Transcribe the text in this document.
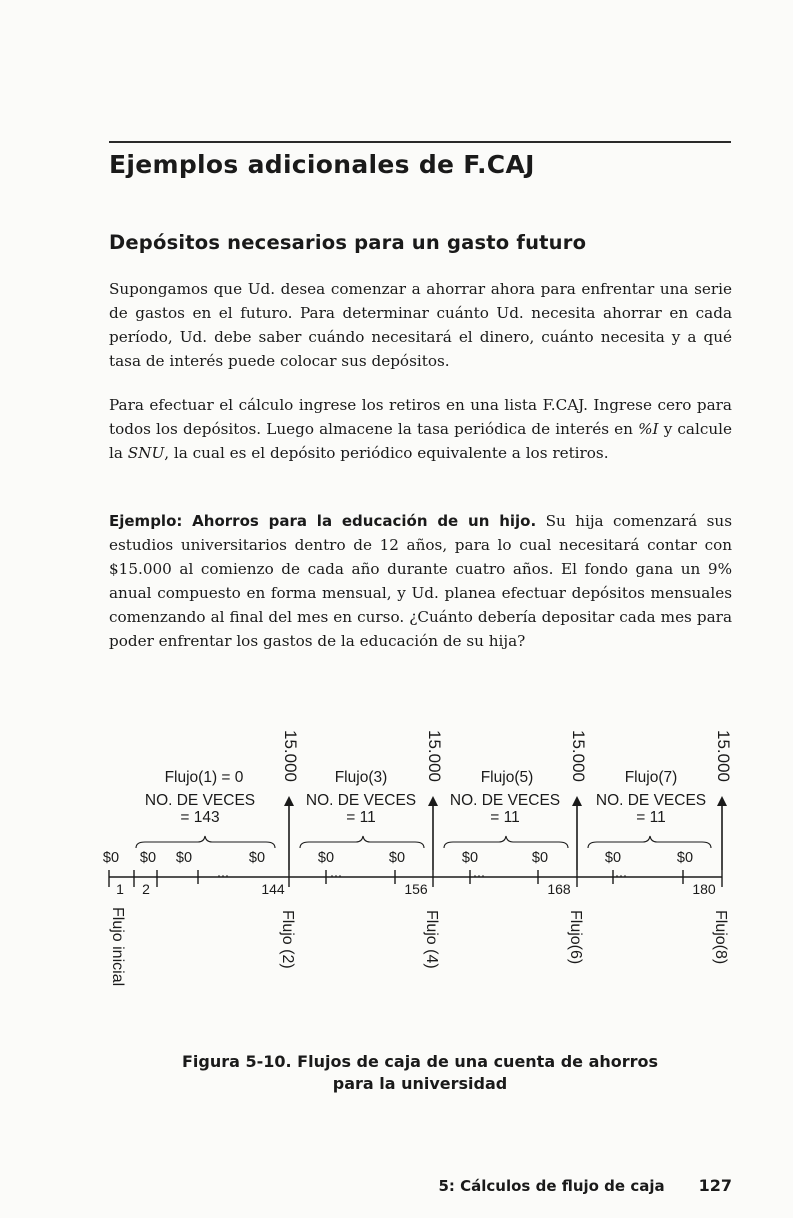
Ejemplos adicionales de F.CAJ
Depósitos necesarios para un gasto futuro

Supongamos que Ud. desea comenzar a ahorrar ahora para enfrentar una serie de gastos en el futuro. Para determinar cuánto Ud. necesita ahorrar en cada período, Ud. debe saber cuándo necesitará el dinero, cuánto necesita y a qué tasa de interés puede colocar sus depósitos.

Para efectuar el cálculo ingrese los retiros en una lista F.CAJ. Ingrese cero para todos los depósitos. Luego almacene la tasa periódica de interés en %I y calcule la SNU, la cual es el depósito periódico equivalente a los retiros.

Ejemplo: Ahorros para la educación de un hijo. Su hija comenzará sus estudios universitarios dentro de 12 años, para lo cual necesitará contar con $15.000 al comienzo de cada año durante cuatro años. El fondo gana un 9% anual compuesto en forma mensual, y Ud. planea efectuar depósitos mensuales comenzando al final del mes en curso. ¿Cuánto debería depositar cada mes para poder enfrentar los gastos de la educación de su hija?

···	···	···	···
15.000	15.000	15.000	15.000
Flujo(1) = 0
NO. DE VECES
= 143
Flujo(3)
NO. DE VECES
= 11
Flujo(5)
NO. DE VECES
= 11
Flujo(7)
NO. DE VECES
= 11
$0 $0 $0	$0	$0	$0	$0	$0	$0	$0
1 2	144	156	168	180
Flujo inicial	Flujo (2)	Flujo (4)	Flujo(6)	Flujo(8)
Figura 5-10. Flujos de caja de una cuenta de ahorros
para la universidad
5: Cálculos de flujo de caja 127
